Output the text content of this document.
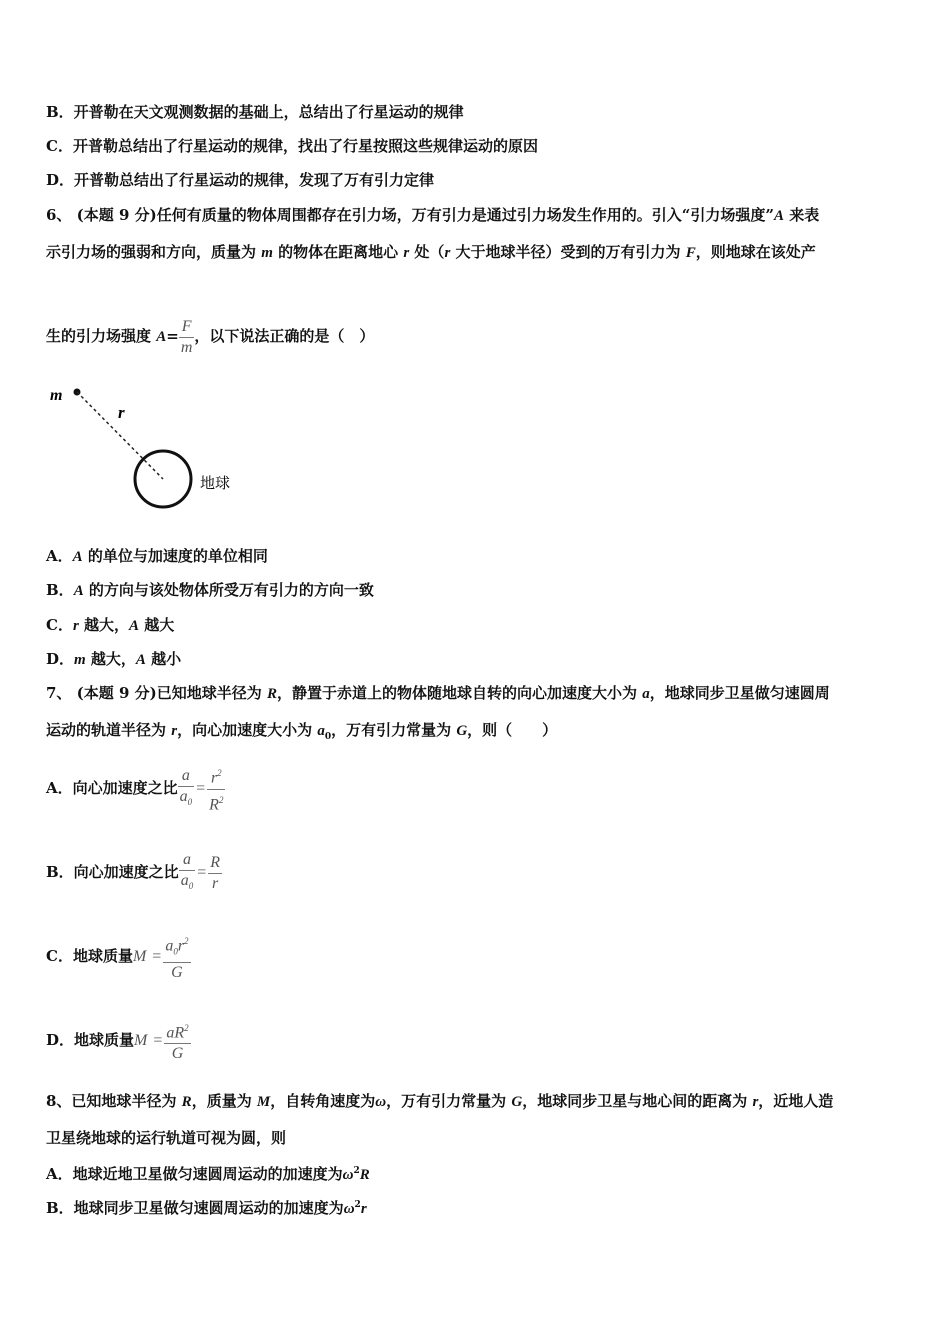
B．开普勒在天文观测数据的基础上，总结出了行星运动的规律
C．开普勒总结出了行星运动的规律，找出了行星按照这些规律运动的原因
D．开普勒总结出了行星运动的规律，发现了万有引力定律
6、 (本题 9 分)任何有质量的物体周围都存在引力场，万有引力是通过引力场发生作用的。引入“引力场强度”A 来表
示引力场的强弱和方向，质量为 m 的物体在距离地心 r 处（r 大于地球半径）受到的万有引力为 F，则地球在该处产
生的引力场强度 $A= \frac{F}{m}$ ，以下说法正确的是（　）
m
r
地球
A．A 的单位与加速度的单位相同
B．A 的方向与该处物体所受万有引力的方向一致
C．r 越大，A 越大
D．m 越大，A 越小
7、 (本题 9 分)已知地球半径为 R，静置于赤道上的物体随地球自转的向心加速度大小为 a，地球同步卫星做匀速圆周
运动的轨道半径为 r，向心加速度大小为 $a_0$，万有引力常量为 G，则（　　）
A．向心加速度之比 $\frac{a}{a_0} = \frac{r^2}{R^2}$
B．向心加速度之比 $\frac{a}{a_0} = \frac{R}{r}$
C．地球质量$M = \frac{a_0r^2}{G}$
D．地球质量$M = \frac{aR^2}{G}$
8、已知地球半径为 R，质量为 M，自转角速度为ω，万有引力常量为 G，地球同步卫星与地心间的距离为 r，近地人造
卫星绕地球的运行轨道可视为圆，则
A．地球近地卫星做匀速圆周运动的加速度为$\omega^2R$
B．地球同步卫星做匀速圆周运动的加速度为$\omega^2r$
